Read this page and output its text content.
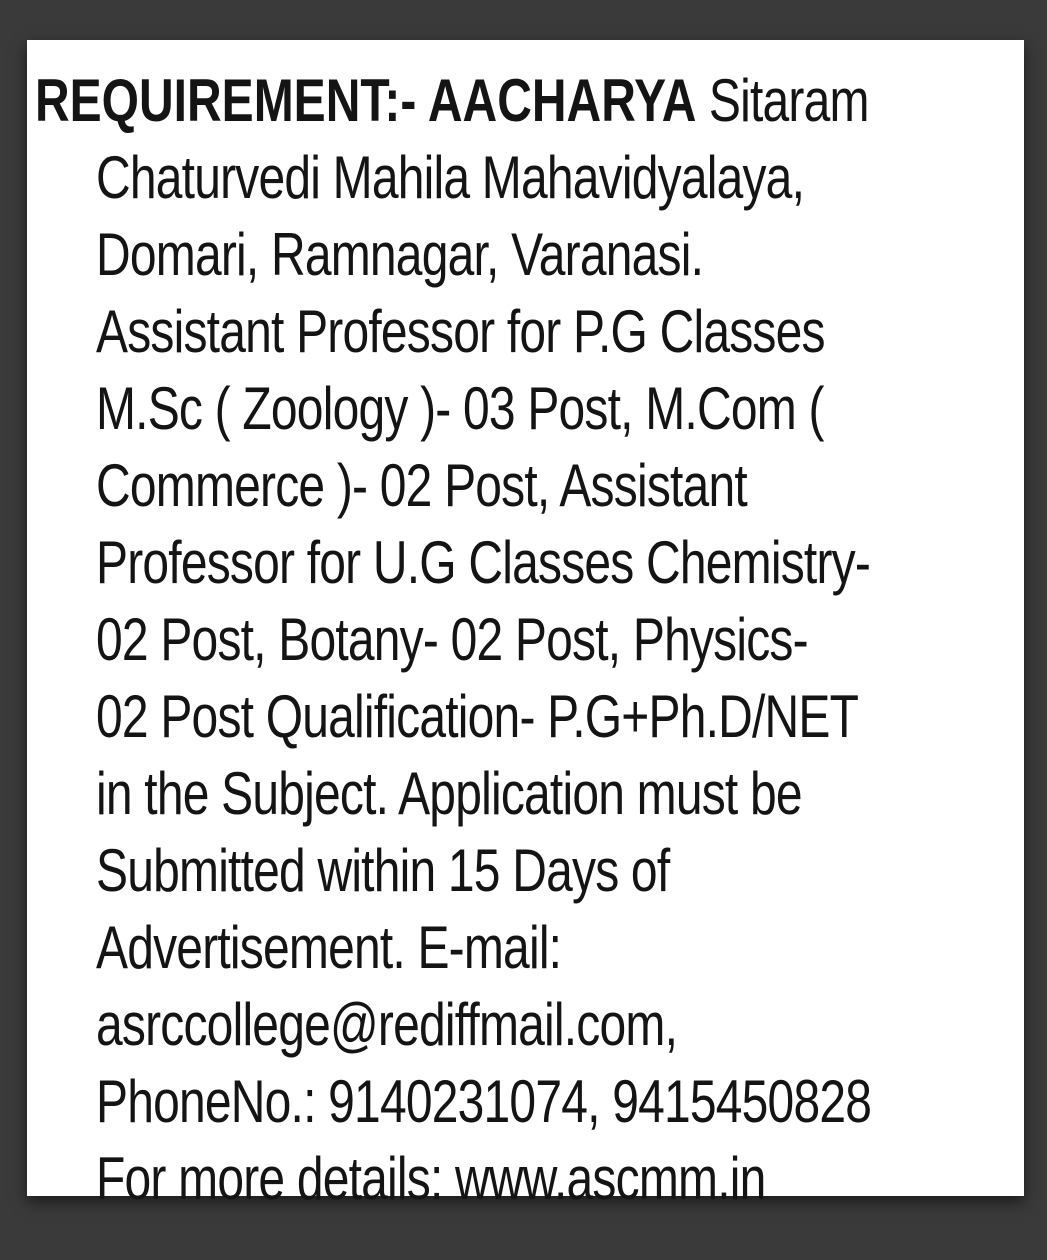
REQUIREMENT:- AACHARYA Sitaram
Chaturvedi Mahila Mahavidyalaya,
Domari, Ramnagar, Varanasi.
Assistant Professor for P.G Classes
M.Sc ( Zoology )- 03 Post, M.Com (
Commerce )- 02 Post, Assistant
Professor for U.G Classes Chemistry-
02 Post, Botany- 02 Post, Physics-
02 Post Qualification- P.G+Ph.D/NET
in the Subject. Application must be
Submitted within 15 Days of
Advertisement. E-mail:
asrccollege@rediffmail.com,
PhoneNo.: 9140231074, 9415450828
For more details: www.ascmm.in
